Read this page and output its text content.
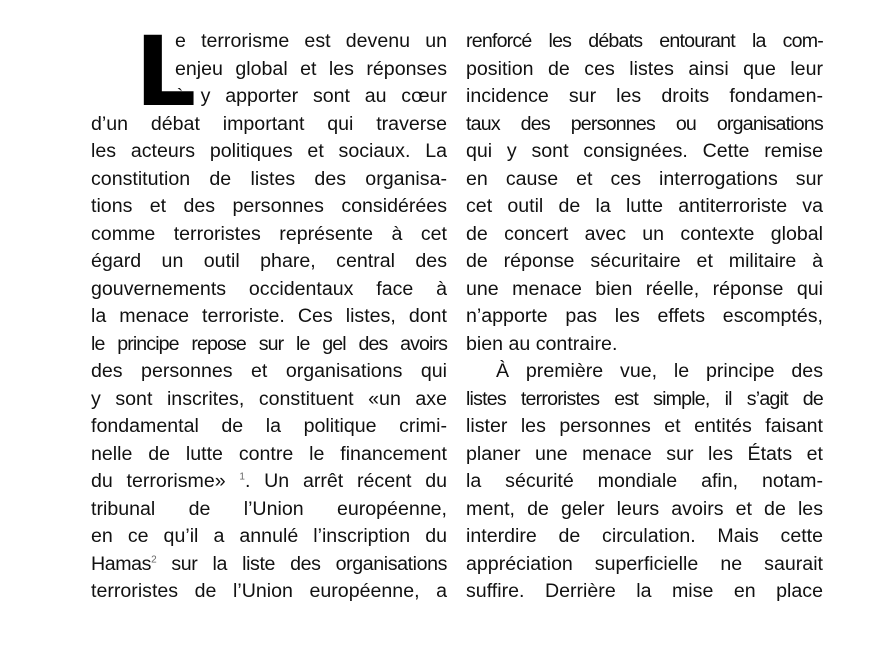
L
e terrorisme est devenu un
enjeu global et les réponses
à y apporter sont au cœur
d’un débat important qui traverse
les acteurs politiques et sociaux. La
constitution de listes des organisa-
tions et des personnes considérées
comme terroristes représente à cet
égard un outil phare, central des
gouvernements occidentaux face à
la menace terroriste. Ces listes, dont
le principe repose sur le gel des avoirs
des personnes et organisations qui
y sont inscrites, constituent «un axe
fondamental de la politique crimi-
nelle de lutte contre le financement
du terrorisme» $^1$. Un arrêt récent du
tribunal de l’Union européenne,
en ce qu’il a annulé l’inscription du
Hamas$^2$ sur la liste des organisations
terroristes de l’Union européenne, a
renforcé les débats entourant la com-
position de ces listes ainsi que leur
incidence sur les droits fondamen-
taux des personnes ou organisations
qui y sont consignées. Cette remise
en cause et ces interrogations sur
cet outil de la lutte antiterroriste va
de concert avec un contexte global
de réponse sécuritaire et militaire à
une menace bien réelle, réponse qui
n’apporte pas les effets escomptés,
bien au contraire.
À première vue, le principe des
listes terroristes est simple, il s’agit de
lister les personnes et entités faisant
planer une menace sur les États et
la sécurité mondiale afin, notam-
ment, de geler leurs avoirs et de les
interdire de circulation. Mais cette
appréciation superficielle ne saurait
suffire. Derrière la mise en place
